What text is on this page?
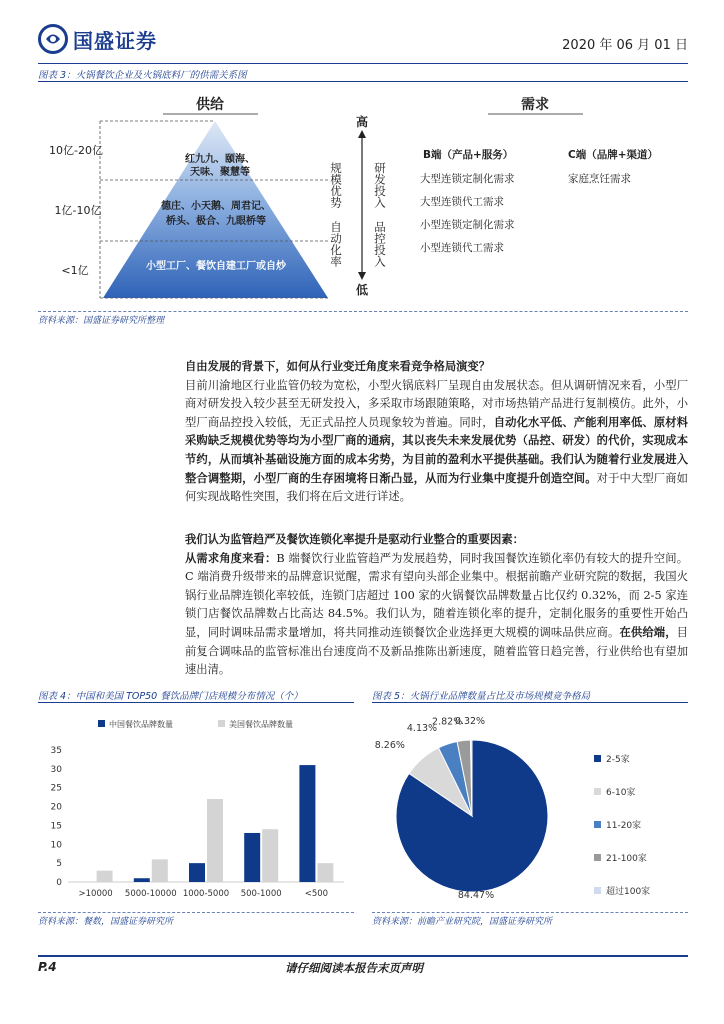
国盛证券	2020 年 06 月 01 日
图表 3：火锅餐饮企业及火锅底料厂的供需关系图
供给
10亿-20亿
1亿-10亿
<1亿
红九九、颐海、
天味、聚慧等
德庄、小天鹅、周君记、
桥头、极合、九眼桥等
小型工厂、餐饮自建工厂或自炒
高
低
规模优势	研发投入
自动化率	品控投入
需求
B端（产品+服务）	C端（品牌+渠道）
大型连锁定制化需求
大型连锁代工需求
小型连锁定制化需求
小型连锁代工需求
家庭烹饪需求
资料来源：国盛证券研究所整理
自由发展的背景下，如何从行业变迁角度来看竞争格局演变？
目前川渝地区行业监管仍较为宽松，小型火锅底料厂呈现自由发展状态。但从调研情况来看，小型厂商对研发投入较少甚至无研发投入，多采取市场跟随策略，对市场热销产品进行复制模仿。此外，小型厂商品控投入较低，无正式品控人员现象较为普遍。同时，自动化水平低、产能利用率低、原材料采购缺乏规模优势等均为小型厂商的通病，其以丧失未来发展优势（品控、研发）的代价，实现成本节约，从而填补基础设施方面的成本劣势，为目前的盈利水平提供基础。我们认为随着行业发展进入整合调整期，小型厂商的生存困境将日渐凸显，从而为行业集中度提升创造空间。对于中大型厂商如何实现战略性突围，我们将在后文进行详述。
我们认为监管趋严及餐饮连锁化率提升是驱动行业整合的重要因素：
从需求角度来看：B 端餐饮行业监管趋严为发展趋势，同时我国餐饮连锁化率仍有较大的提升空间。C 端消费升级带来的品牌意识觉醒，需求有望向头部企业集中。根据前瞻产业研究院的数据，我国火锅行业品牌连锁化率较低，连锁门店超过 100 家的火锅餐饮品牌数量占比仅约 0.32%，而 2-5 家连锁门店餐饮品牌数占比高达 84.5%。我们认为，随着连锁化率的提升，定制化服务的重要性开始凸显，同时调味品需求量增加，将共同推动连锁餐饮企业选择更大规模的调味品供应商。在供给端，目前复合调味品的监管标准出台速度尚不及新品推陈出新速度，随着监管日趋完善，行业供给也有望加速出清。
图表 4：中国和美国 TOP50 餐饮品牌门店规模分布情况（个）
中国餐饮品牌数量	美国餐饮品牌数量
0
5
10
15
20
25
30
35
>10000 5000-10000 1000-5000 500-1000	<500
图表 5：火锅行业品牌数量占比及市场规模竞争格局
84.47%
8.26%
4.13%
2.82%
0.32%
2-5家
6-10家
11-20家
21-100家
超过100家
资料来源：餐数，国盛证券研究所	资料来源：前瞻产业研究院，国盛证券研究所
P.4	请仔细阅读本报告末页声明
